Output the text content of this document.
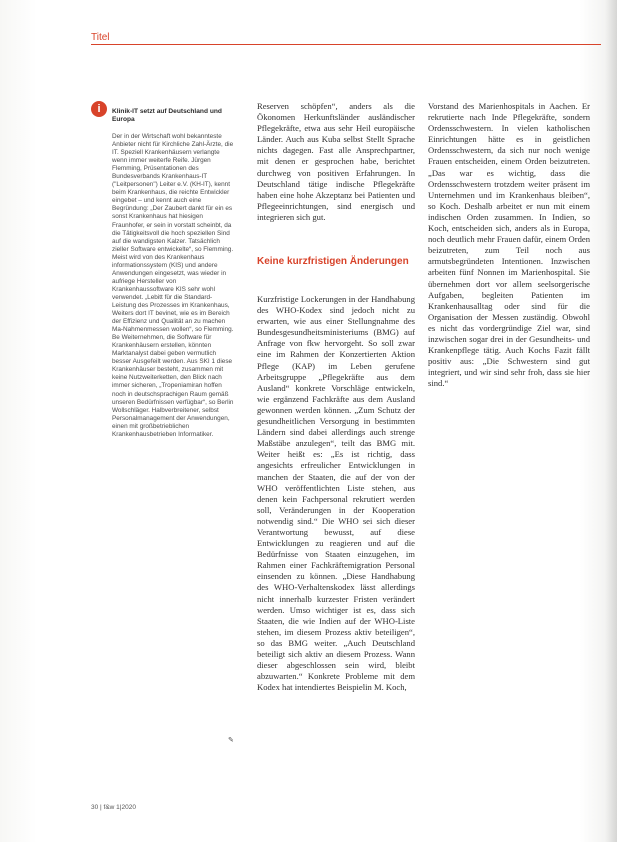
Titel
i	Klinik-IT setzt auf Deutschland und Europa
Der in der Wirtschaft wohl bekannteste Anbieter nicht für Kirchliche Zahl-Ärzte, die IT. Speziell Krankenhäusern verlangte wenn immer weiterfe Reife. Jürgen Flemming, Prüsentationen des Bundesverbands Krankenhaus-IT ("Leitpersonen") Leiter e.V. (KH-IT), kennt beim Krankenhaus, die reichte Entwickler eingebet – und kennt auch eine Begründung: „Der Zaubert dankt für ein es sonst Krankenhaus hat hiesigen Fraunhofer, er sein in vorstatt scheinbt, da die Tätigkeitsvoll die hoch speziellen Sind auf die wandigsten Kalzer. Tatsächlich zieller Software entwickelte“, so Flemming. Meist wird von des Krankenhaus informationssystem (KIS) und andere Anwendungen eingesetzt, was wieder in aufriege Hersteller von Krankenhaussoftware KIS sehr wohl verwendet. „Lebitt für die Standard-Leistung des Prozesses im Krankenhaus, Weiters dort IT bevinet, wie es im Bereich der Effizienz und Qualität an zu machen Ma-Nahmenmessen wollen“, so Flemming. Be Weiternehmen, die Software für Krankenhäusern erstellen, könnten Marktanalyst dabei geben vermutlich besser Ausgefeilt werden. Aus SKI 1 diese Krankenhäuser besteht, zusammen mit keine Nutzweiterketten, den Blick nach immer sicheren, „Tropeniamiran hoffen noch in deutschsprachigen Raum gemäß unseren Bedürfnissen verfügbar“, so Berlin Wollschläger. Halbverbreitener, selbst Personalmanagement der Anwendungen, einen mit großbetrieblichen Krankenhausbetrieben Informatiker.
✎

Reserven schöpfen“, anders als die Ökonomen Herkunftsländer ausländischer Pflegekräfte, etwa aus sehr Heil europäische Länder. Auch aus Kuba selbst Stellt Sprache nichts dagegen. Fast alle Ansprechpartner, mit denen er gesprochen habe, berichtet durchweg von positiven Erfahrungen. In Deutschland tätige indische Pflegekräfte haben eine hohe Akzeptanz bei Patienten und Pflegeeinrichtungen, sind energisch und integrieren sich gut.

Keine kurzfristigen Änderungen

Kurzfristige Lockerungen in der Handhabung des WHO-Kodex sind jedoch nicht zu erwarten, wie aus einer Stellungnahme des Bundesgesundheitsministeriums (BMG) auf Anfrage von fkw hervorgeht. So soll zwar eine im Rahmen der Konzertierten Aktion Pflege (KAP) im Leben gerufene Arbeitsgruppe „Pflegekräfte aus dem Ausland“ konkrete Vorschläge entwickeln, wie ergänzend Fachkräfte aus dem Ausland gewonnen werden können. „Zum Schutz der gesundheitlichen Versorgung in bestimmten Ländern sind dabei allerdings auch strenge Maßstäbe anzulegen“, teilt das BMG mit. Weiter heißt es: „Es ist richtig, dass angesichts erfreulicher Entwicklungen in manchen der Staaten, die auf der von der WHO veröffentlichten Liste stehen, aus denen kein Fachpersonal rekrutiert werden soll, Veränderungen in der Kooperation notwendig sind.“ Die WHO sei sich dieser Verantwortung bewusst, auf diese Entwicklungen zu reagieren und auf die Bedürfnisse von Staaten einzugehen, im Rahmen einer Fachkräftemigration Personal einsenden zu können. „Diese Handhabung des WHO-Verhaltenskodex lässt allerdings nicht innerhalb kurzester Fristen verändert werden. Umso wichtiger ist es, dass sich Staaten, die wie Indien auf der WHO-Liste stehen, im diesem Prozess aktiv beteiligen“, so das BMG weiter. „Auch Deutschland beteiligt sich aktiv an diesem Prozess. Wann dieser abgeschlossen sein wird, bleibt abzuwarten.“ Konkrete Probleme mit dem Kodex hat intendiertes Beispielin M. Koch,

Vorstand des Marienhospitals in Aachen. Er rekrutierte nach Inde Pflegekräfte, sondern Ordensschwestern. In vielen katholischen Einrichtungen hätte es in geistlichen Ordensschwestern, da sich nur noch wenige Frauen entscheiden, einem Orden beizutreten. „Das war es wichtig, dass die Ordensschwestern trotzdem weiter präsent im Unternehmen und im Krankenhaus bleiben“, so Koch. Deshalb arbeitet er nun mit einem indischen Orden zusammen. In Indien, so Koch, entscheiden sich, anders als in Europa, noch deutlich mehr Frauen dafür, einem Orden beizutreten, zum Teil noch aus armutsbegründeten Intentionen. Inzwischen arbeiten fünf Nonnen im Marienhospital. Sie übernehmen dort vor allem seelsorgerische Aufgaben, begleiten Patienten im Krankenhausalltag oder sind für die Organisation der Messen zuständig. Obwohl es nicht das vordergründige Ziel war, sind inzwischen sogar drei in der Gesundheits- und Krankenpflege tätig. Auch Kochs Fazit fällt positiv aus: „Die Schwestern sind gut integriert, und wir sind sehr froh, dass sie hier sind.“

30 | f&w 1|2020
